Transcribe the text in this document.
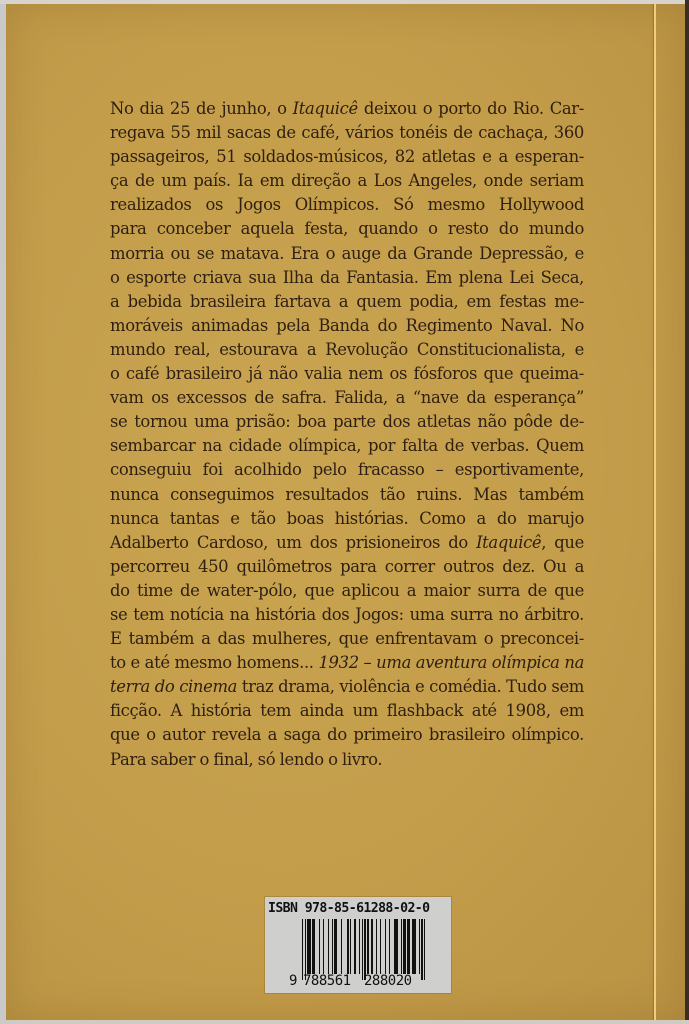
No dia 25 de junho, o Itaquicê deixou o porto do Rio. Car-
regava 55 mil sacas de café, vários tonéis de cachaça, 360
passageiros, 51 soldados-músicos, 82 atletas e a esperan-
ça de um país. Ia em direção a Los Angeles, onde seriam
realizados os Jogos Olímpicos. Só mesmo Hollywood
para conceber aquela festa, quando o resto do mundo
morria ou se matava. Era o auge da Grande Depressão, e
o esporte criava sua Ilha da Fantasia. Em plena Lei Seca,
a bebida brasileira fartava a quem podia, em festas me-
moráveis animadas pela Banda do Regimento Naval. No
mundo real, estourava a Revolução Constitucionalista, e
o café brasileiro já não valia nem os fósforos que queima-
vam os excessos de safra. Falida, a “nave da esperança”
se tornou uma prisão: boa parte dos atletas não pôde de-
sembarcar na cidade olímpica, por falta de verbas. Quem
conseguiu foi acolhido pelo fracasso – esportivamente,
nunca conseguimos resultados tão ruins. Mas também
nunca tantas e tão boas histórias. Como a do marujo
Adalberto Cardoso, um dos prisioneiros do Itaquicê, que
percorreu 450 quilômetros para correr outros dez. Ou a
do time de water-pólo, que aplicou a maior surra de que
se tem notícia na história dos Jogos: uma surra no árbitro.
E também a das mulheres, que enfrentavam o preconcei-
to e até mesmo homens... 1932 – uma aventura olímpica na
terra do cinema traz drama, violência e comédia. Tudo sem
ficção. A história tem ainda um flashback até 1908, em
que o autor revela a saga do primeiro brasileiro olímpico.
Para saber o final, só lendo o livro.
ISBN 978-85-61288-02-0
9 788561 288020
